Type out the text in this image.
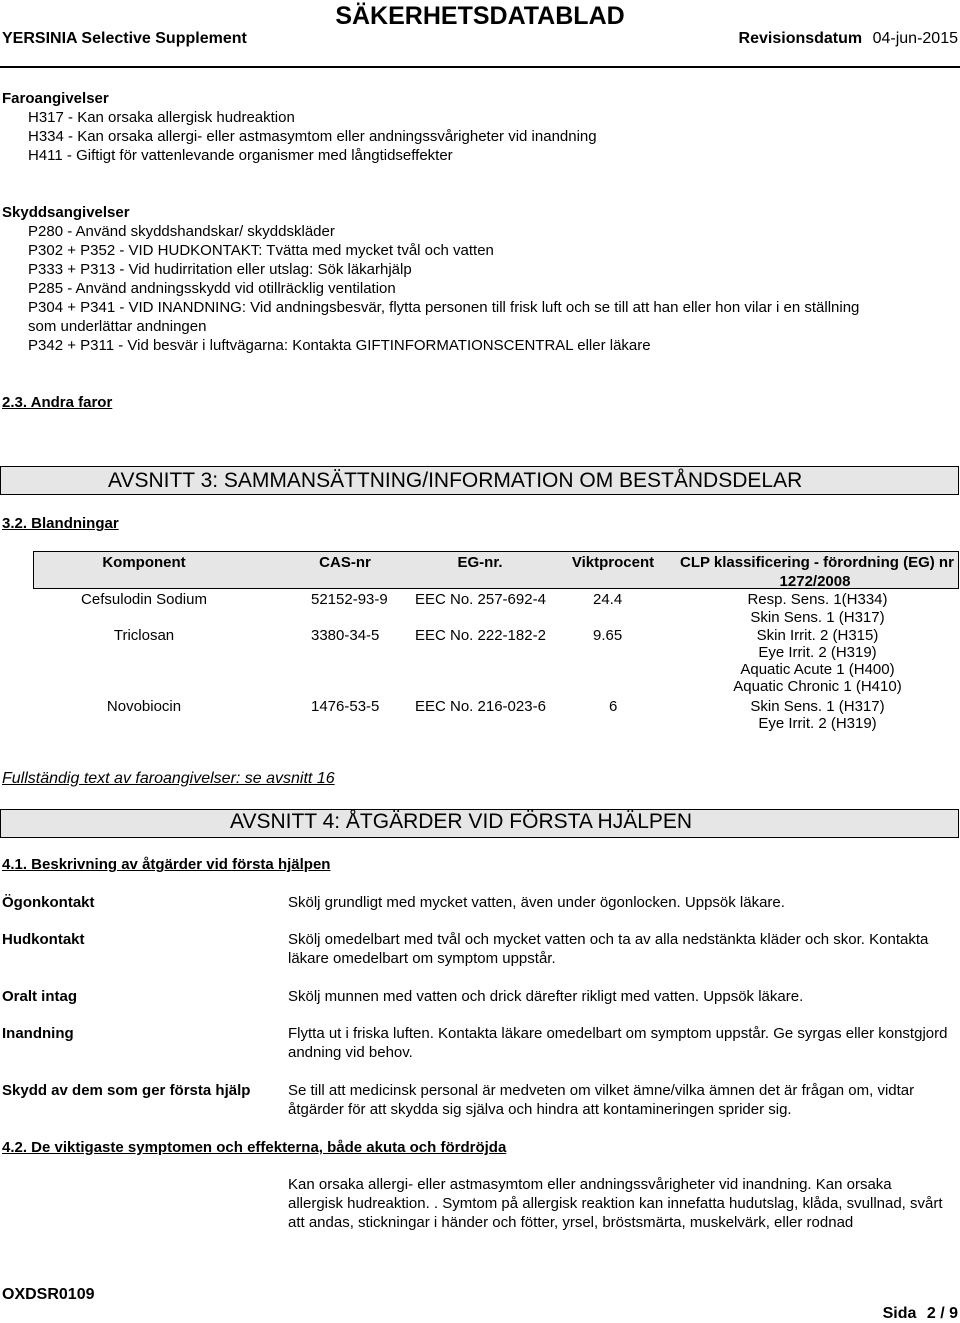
SÄKERHETSDATABLAD
YERSINIA Selective Supplement	Revisionsdatum 04-jun-2015
Faroangivelser
H317 - Kan orsaka allergisk hudreaktion
H334 - Kan orsaka allergi- eller astmasymtom eller andningssvårigheter vid inandning
H411 - Giftigt för vattenlevande organismer med långtidseffekter
Skyddsangivelser
P280 - Använd skyddshandskar/ skyddskläder
P302 + P352 - VID HUDKONTAKT: Tvätta med mycket tvål och vatten
P333 + P313 - Vid hudirritation eller utslag: Sök läkarhjälp
P285 - Använd andningsskydd vid otillräcklig ventilation
P304 + P341 - VID INANDNING: Vid andningsbesvär, flytta personen till frisk luft och se till att han eller hon vilar i en ställning
som underlättar andningen
P342 + P311 - Vid besvär i luftvägarna: Kontakta GIFTINFORMATIONSCENTRAL eller läkare
2.3. Andra faror
AVSNITT 3: SAMMANSÄTTNING/INFORMATION OM BESTÅNDSDELAR
3.2. Blandningar
Komponent	CAS-nr	EG-nr.	Viktprocent	CLP klassificering - förordning (EG) nr
1272/2008
Cefsulodin Sodium	52152-93-9 EEC No. 257-692-4	24.4	Resp. Sens. 1(H334)
Skin Sens. 1 (H317)
Triclosan	3380-34-5 EEC No. 222-182-2	9.65	Skin Irrit. 2 (H315)
Eye Irrit. 2 (H319)
Aquatic Acute 1 (H400)
Aquatic Chronic 1 (H410)
Novobiocin	1476-53-5 EEC No. 216-023-6	6	Skin Sens. 1 (H317)
Eye Irrit. 2 (H319)
Fullständig text av faroangivelser: se avsnitt 16
AVSNITT 4: ÅTGÄRDER VID FÖRSTA HJÄLPEN
4.1. Beskrivning av åtgärder vid första hjälpen
Ögonkontakt	Skölj grundligt med mycket vatten, även under ögonlocken. Uppsök läkare.
Hudkontakt	Skölj omedelbart med tvål och mycket vatten och ta av alla nedstänkta kläder och skor. Kontakta läkare omedelbart om symptom uppstår.
Oralt intag	Skölj munnen med vatten och drick därefter rikligt med vatten. Uppsök läkare.
Inandning	Flytta ut i friska luften. Kontakta läkare omedelbart om symptom uppstår. Ge syrgas eller konstgjord andning vid behov.
Skydd av dem som ger första hjälp	Se till att medicinsk personal är medveten om vilket ämne/vilka ämnen det är frågan om, vidtar åtgärder för att skydda sig själva och hindra att kontamineringen sprider sig.
4.2. De viktigaste symptomen och effekterna, både akuta och fördröjda
Kan orsaka allergi- eller astmasymtom eller andningssvårigheter vid inandning. Kan orsaka allergisk hudreaktion. . Symtom på allergisk reaktion kan innefatta hudutslag, klåda, svullnad, svårt att andas, stickningar i händer och fötter, yrsel, bröstsmärta, muskelvärk, eller rodnad
OXDSR0109
Sida 2 / 9
